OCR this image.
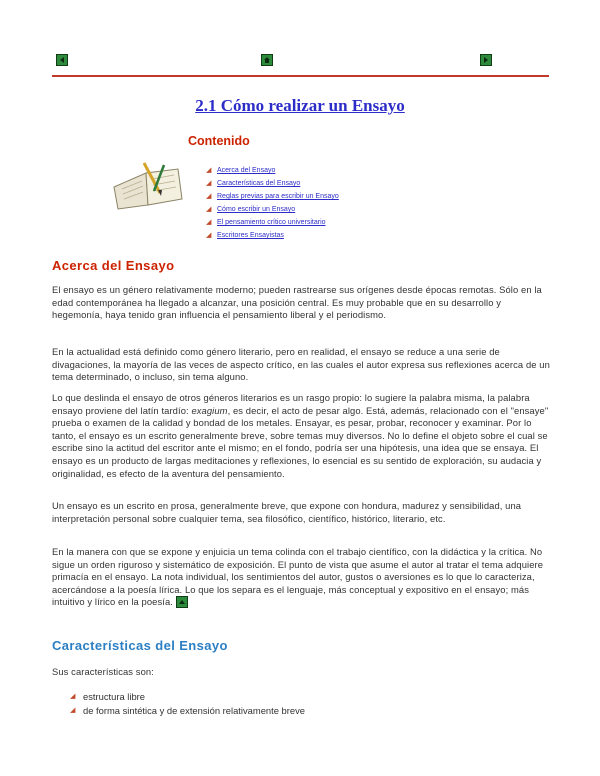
2.1 Cómo realizar un Ensayo
Contenido
◢ Acerca del Ensayo
◢ Características del Ensayo
◢ Reglas previas para escribir un Ensayo
◢ Cómo escribir un Ensayo
◢ El pensamiento crítico universitario
◢ Escritores Ensayistas
Acerca del Ensayo

El ensayo es un género relativamente moderno; pueden rastrearse sus orígenes desde épocas remotas. Sólo en la edad contemporánea ha llegado a alcanzar, una posición central. Es muy probable que en su desarrollo y hegemonía, haya tenido gran influencia el pensamiento liberal y el periodismo.

En la actualidad está definido como género literario, pero en realidad, el ensayo se reduce a una serie de divagaciones, la mayoría de las veces de aspecto crítico, en las cuales el autor expresa sus reflexiones acerca de un tema determinado, o incluso, sin tema alguno.

Lo que deslinda el ensayo de otros géneros literarios es un rasgo propio: lo sugiere la palabra misma, la palabra ensayo proviene del latín tardío: exagium, es decir, el acto de pesar algo. Está, además, relacionado con el "ensaye" prueba o examen de la calidad y bondad de los metales. Ensayar, es pesar, probar, reconocer y examinar. Por lo tanto, el ensayo es un escrito generalmente breve, sobre temas muy diversos. No lo define el objeto sobre el cual se escribe sino la actitud del escritor ante el mismo; en el fondo, podría ser una hipótesis, una idea que se ensaya. El ensayo es un producto de largas meditaciones y reflexiones, lo esencial es su sentido de exploración, su audacia y originalidad, es efecto de la aventura del pensamiento.

Un ensayo es un escrito en prosa, generalmente breve, que expone con hondura, madurez y sensibilidad, una interpretación personal sobre cualquier tema, sea filosófico, científico, histórico, literario, etc.

En la manera con que se expone y enjuicia un tema colinda con el trabajo científico, con la didáctica y la crítica. No sigue un orden riguroso y sistemático de exposición. El punto de vista que asume el autor al tratar el tema adquiere primacía en el ensayo. La nota individual, los sentimientos del autor, gustos o aversiones es lo que lo caracteriza, acercándose a la poesía lírica. Lo que los separa es el lenguaje, más conceptual y expositivo en el ensayo; más intuitivo y lírico en la poesía.

Características del Ensayo

Sus características son:

◢ estructura libre
◢ de forma sintética y de extensión relativamente breve
